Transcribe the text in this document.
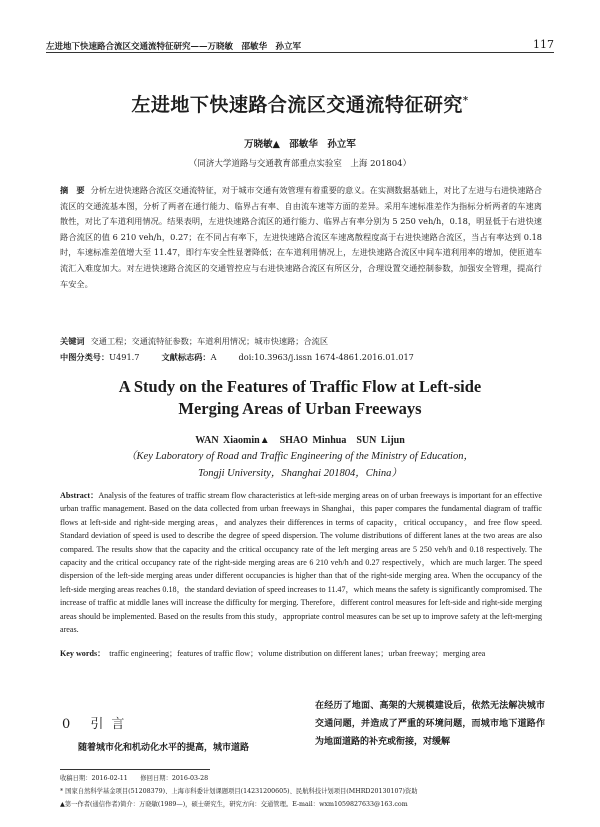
左进地下快速路合流区交通流特征研究——万晓敏　邵敏华　孙立军	117
左进地下快速路合流区交通流特征研究*
万晓敏▲　邵敏华　孙立军
（同济大学道路与交通教育部重点实验室　上海 201804）
摘　要 分析左进快速路合流区交通流特征，对于城市交通有效管理有着重要的意义。在实测数据基础上，对比了左进与右进快速路合流区的交通流基本图，分析了两者在通行能力、临界占有率、自由流车速等方面的差异。采用车速标准差作为指标分析两者的车速离散性，对比了车道利用情况。结果表明，左进快速路合流区的通行能力、临界占有率分别为 5 250 veh/h，0.18，明显低于右进快速路合流区的值 6 210 veh/h，0.27；在不同占有率下，左进快速路合流区车速离散程度高于右进快速路合流区，当占有率达到 0.18 时，车速标准差值增大至 11.47，即行车安全性显著降低；在车道利用情况上，左进快速路合流区中间车道利用率的增加，使匝道车流汇入难度加大。对左进快速路合流区的交通管控应与右进快速路合流区有所区分，合理设置交通控制参数，加强安全管理，提高行车安全。
关键词 交通工程；交通流特征参数；车道利用情况；城市快速路；合流区
中图分类号：U491.7	文献标志码：A	doi:10.3963/j.issn 1674-4861.2016.01.017
A Study on the Features of Traffic Flow at Left-side
Merging Areas of Urban Freeways
WAN Xiaomin▲　SHAO Minhua　SUN Lijun
（Key Laboratory of Road and Traffic Engineering of the Ministry of Education，
Tongji University，Shanghai 201804，China）
Abstract：Analysis of the features of traffic stream flow characteristics at left-side merging areas on of urban freeways is important for an effective urban traffic management. Based on the data collected from urban freeways in Shanghai，this paper compares the fundamental diagram of traffic flows at left-side and right-side merging areas，and analyzes their differences in terms of capacity，critical occupancy，and free flow speed. Standard deviation of speed is used to describe the degree of speed dispersion. The volume distributions of different lanes at the two areas are also compared. The results show that the capacity and the critical occupancy rate of the left merging areas are 5 250 veh/h and 0.18 respectively. The capacity and the critical occupancy rate of the right-side merging areas are 6 210 veh/h and 0.27 respectively，which are much larger. The speed dispersion of the left-side merging areas under different occupancies is higher than that of the right-side merging area. When the occupancy of the left-side merging areas reaches 0.18，the standard deviation of speed increases to 11.47，which means the safety is significantly compromised. The increase of traffic at middle lanes will increase the difficulty for merging. Therefore，different control measures for left-side and right-side merging areas should be implemented. Based on the results from this study，appropriate control measures can be set up to improve safety at the left-merging areas.
Key words： traffic engineering；features of traffic flow；volume distribution on different lanes；urban freeway；merging area
0 引言
随着城市化和机动化水平的提高，城市道路
在经历了地面、高架的大规模建设后，依然无法解决城市交通问题，并造成了严重的环境问题，而城市地下道路作为地面道路的补充或衔接，对缓解
收稿日期：2016-02-11　　修回日期：2016-03-28
* 国家自然科学基金项目(51208379)、上海市科委计划课题项目(14231200605)、民航科技计划项目(MHRD20130107)资助
▲第一作者(通信作者)简介：万晓敏(1989—)，硕士研究生，研究方向：交通管理。E-mail：wxm1059827633@163.com
